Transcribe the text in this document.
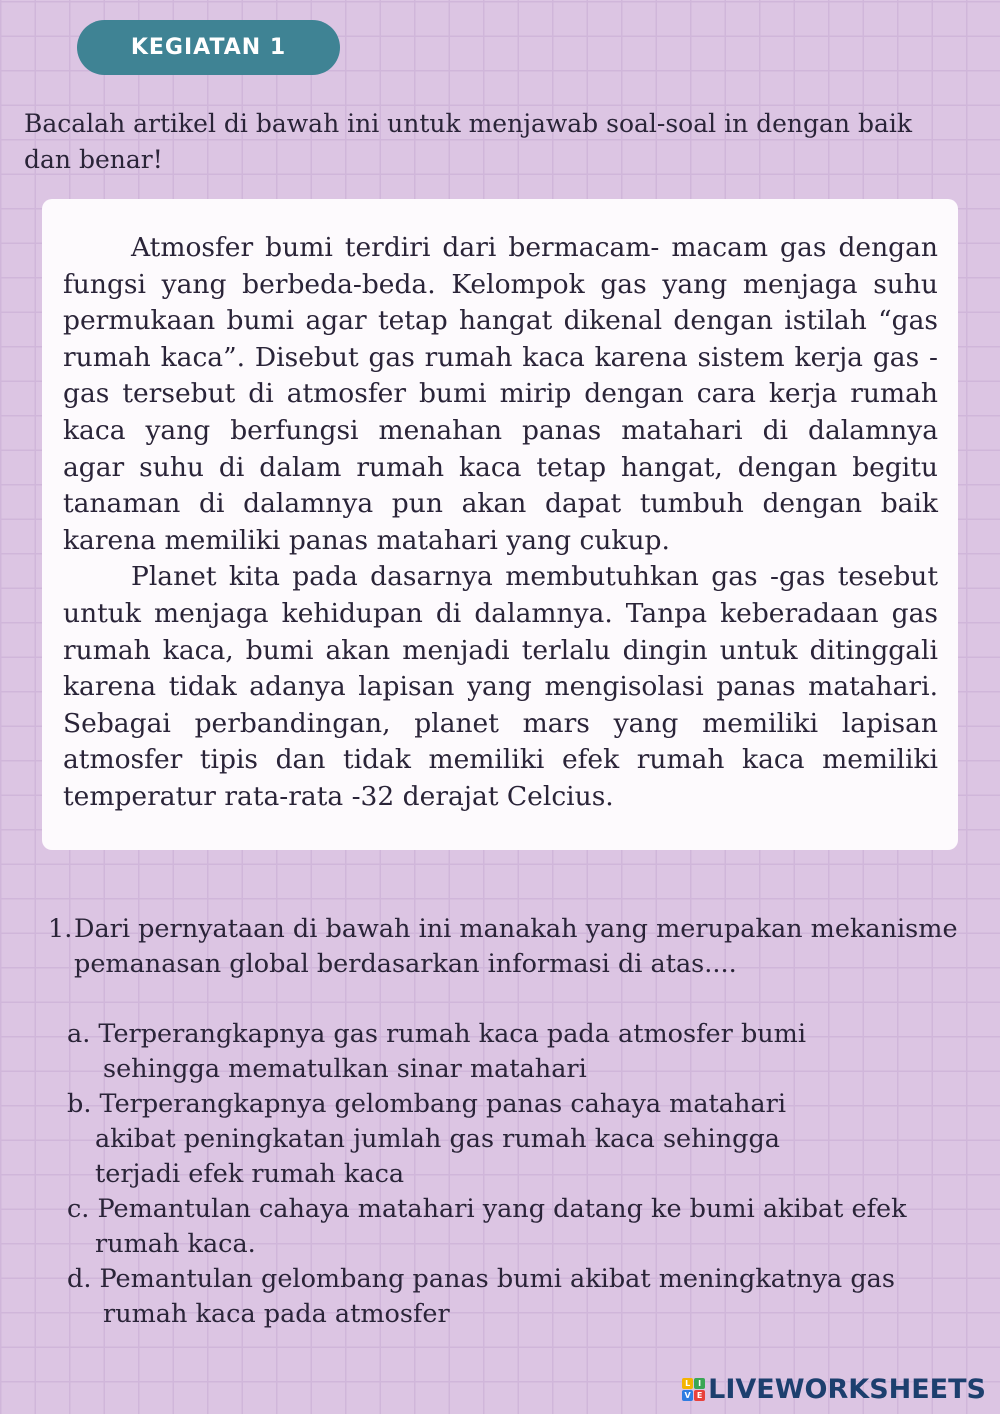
KEGIATAN 1
Bacalah artikel di bawah ini untuk menjawab soal-soal in dengan baik
dan benar!
Atmosfer bumi terdiri dari bermacam- macam gas dengan
fungsi yang berbeda-beda. Kelompok gas yang menjaga suhu
permukaan bumi agar tetap hangat dikenal dengan istilah “gas
rumah kaca”. Disebut gas rumah kaca karena sistem kerja gas -
gas tersebut di atmosfer bumi mirip dengan cara kerja rumah
kaca yang berfungsi menahan panas matahari di dalamnya
agar suhu di dalam rumah kaca tetap hangat, dengan begitu
tanaman di dalamnya pun akan dapat tumbuh dengan baik
karena memiliki panas matahari yang cukup.
Planet kita pada dasarnya membutuhkan gas -gas tesebut
untuk menjaga kehidupan di dalamnya. Tanpa keberadaan gas
rumah kaca, bumi akan menjadi terlalu dingin untuk ditinggali
karena tidak adanya lapisan yang mengisolasi panas matahari.
Sebagai perbandingan, planet mars yang memiliki lapisan
atmosfer tipis dan tidak memiliki efek rumah kaca memiliki
temperatur rata-rata -32 derajat Celcius.
1. Dari pernyataan di bawah ini manakah yang merupakan mekanisme
pemanasan global berdasarkan informasi di atas....
a. Terperangkapnya gas rumah kaca pada atmosfer bumi
sehingga mematulkan sinar matahari
b. Terperangkapnya gelombang panas cahaya matahari
akibat peningkatan jumlah gas rumah kaca sehingga
terjadi efek rumah kaca
c. Pemantulan cahaya matahari yang datang ke bumi akibat efek
rumah kaca.
d. Pemantulan gelombang panas bumi akibat meningkatnya gas
rumah kaca pada atmosfer
L I
V E LIVEWORKSHEETS
